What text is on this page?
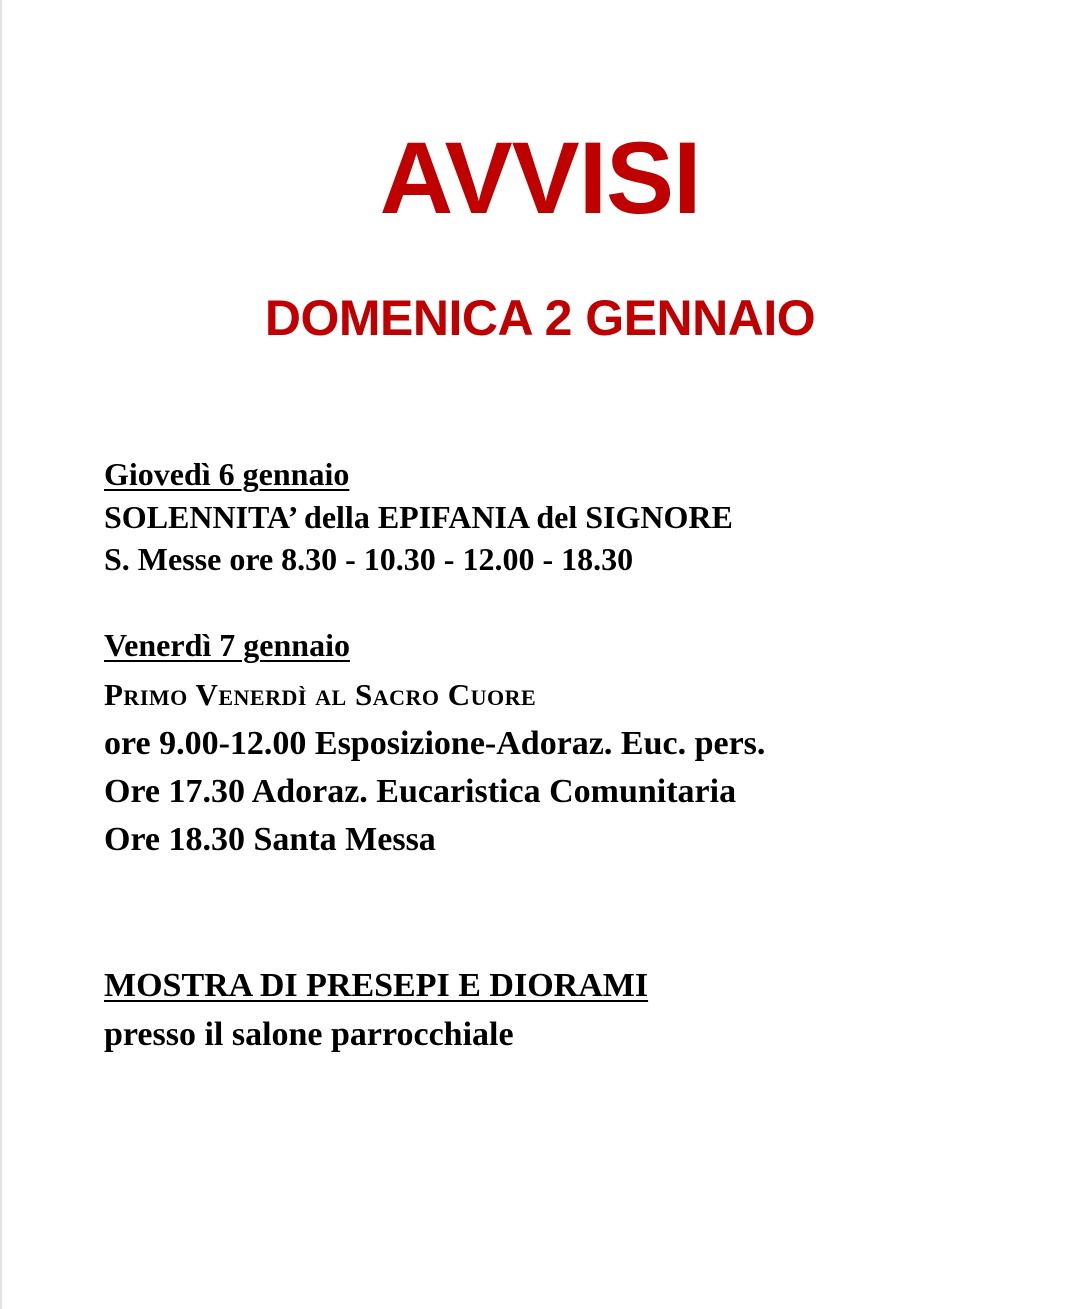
AVVISI
DOMENICA 2 GENNAIO
Giovedì 6 gennaio
SOLENNITA’ della EPIFANIA del SIGNORE
S. Messe ore 8.30 - 10.30 - 12.00 - 18.30
Venerdì 7 gennaio
Primo Venerdì al Sacro Cuore
ore 9.00-12.00 Esposizione-Adoraz. Euc. pers.
Ore 17.30 Adoraz. Eucaristica Comunitaria
Ore 18.30 Santa Messa
MOSTRA DI PRESEPI E DIORAMI
presso il salone parrocchiale
